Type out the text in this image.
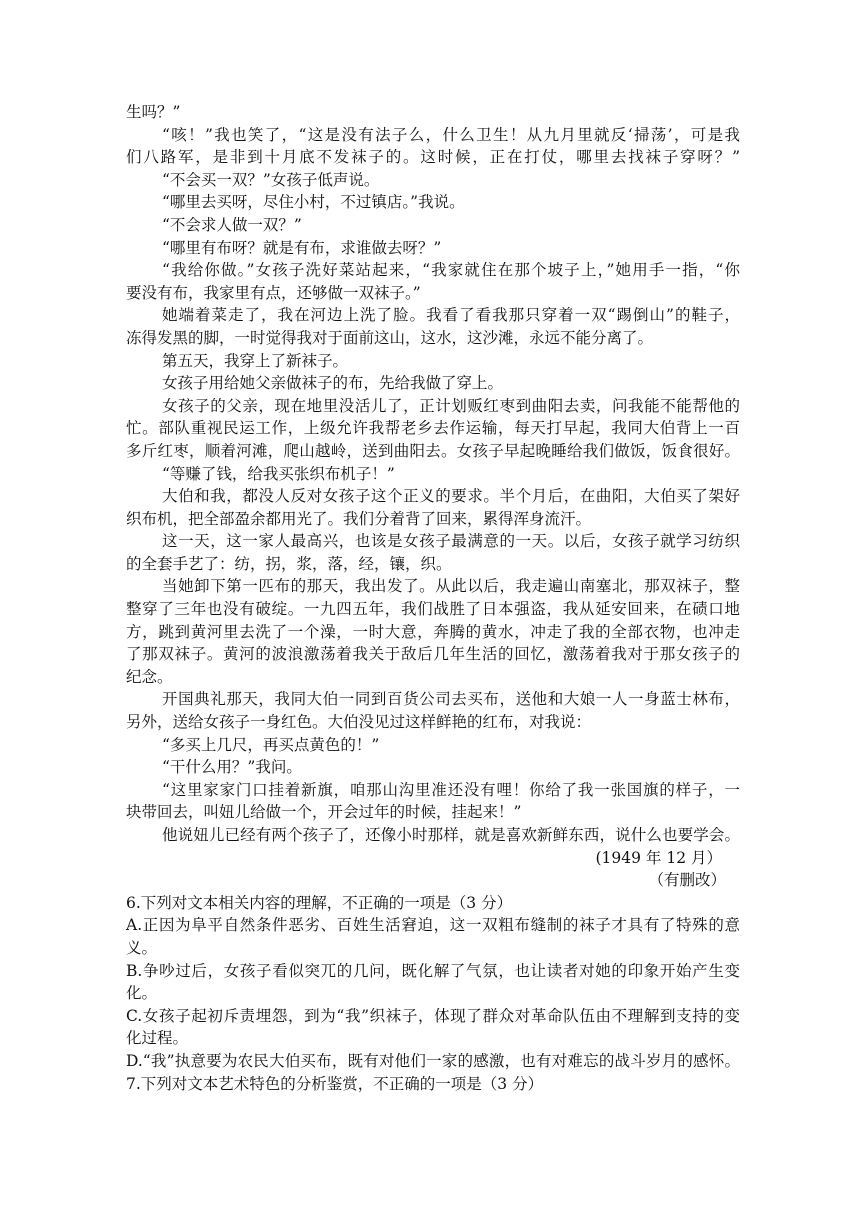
生吗？”
“咳！”我也笑了，“这是没有法子么，什么卫生！从九月里就反‘掃荡’，可是我
们八路军，是非到十月底不发袜子的。这时候，正在打仗，哪里去找袜子穿呀？”
“不会买一双？”女孩子低声说。
“哪里去买呀，尽住小村，不过镇店。”我说。
“不会求人做一双？”
“哪里有布呀？就是有布，求谁做去呀？”
“我给你做。”女孩子洗好菜站起来，“我家就住在那个坡子上，”她用手一指，“你
要没有布，我家里有点，还够做一双袜子。”
她端着菜走了，我在河边上洗了脸。我看了看我那只穿着一双“踢倒山”的鞋子，
冻得发黑的脚，一时觉得我对于面前这山，这水，这沙滩，永远不能分离了。
第五天，我穿上了新袜子。
女孩子用给她父亲做袜子的布，先给我做了穿上。
女孩子的父亲，现在地里没活儿了，正计划贩红枣到曲阳去卖，问我能不能帮他的
忙。部队重视民运工作，上级允许我帮老乡去作运输，每天打早起，我同大伯背上一百
多斤红枣，顺着河滩，爬山越岭，送到曲阳去。女孩子早起晚睡给我们做饭，饭食很好。
“等赚了钱，给我买张织布机子！”
大伯和我，都没人反对女孩子这个正义的要求。半个月后，在曲阳，大伯买了架好
织布机，把全部盈余都用光了。我们分着背了回来，累得浑身流汗。
这一天，这一家人最高兴，也该是女孩子最满意的一天。以后，女孩子就学习纺织
的全套手艺了：纺，拐，浆，落，经，镶，织。
当她卸下第一匹布的那天，我出发了。从此以后，我走遍山南塞北，那双袜子，整
整穿了三年也没有破绽。一九四五年，我们战胜了日本强盗，我从延安回来，在碛口地
方，跳到黄河里去洗了一个澡，一时大意，奔腾的黄水，冲走了我的全部衣物，也冲走
了那双袜子。黄河的波浪激荡着我关于敌后几年生活的回忆，激荡着我对于那女孩子的
纪念。
开国典礼那天，我同大伯一同到百货公司去买布，送他和大娘一人一身蓝士林布，
另外，送给女孩子一身红色。大伯没见过这样鲜艳的红布，对我说：
“多买上几尺，再买点黄色的！”
“干什么用？”我问。
“这里家家门口挂着新旗，咱那山沟里准还没有哩！你给了我一张国旗的样子，一
块带回去，叫妞儿给做一个，开会过年的时候，挂起来！”
他说妞儿已经有两个孩子了，还像小时那样，就是喜欢新鲜东西，说什么也要学会。
(1949 年 12 月）
（有删改）
6.下列对文本相关内容的理解，不正确的一项是（3 分）
A.正因为阜平自然条件恶劣、百姓生活窘迫，这一双粗布缝制的袜子才具有了特殊的意
义。
B.争吵过后，女孩子看似突兀的几问，既化解了气氛，也让读者对她的印象开始产生变
化。
C.女孩子起初斥责埋怨，到为“我”织袜子，体现了群众对革命队伍由不理解到支持的变
化过程。
D.“我”执意要为农民大伯买布，既有对他们一家的感激，也有对难忘的战斗岁月的感怀。
7.下列对文本艺术特色的分析鉴赏，不正确的一项是（3 分）
